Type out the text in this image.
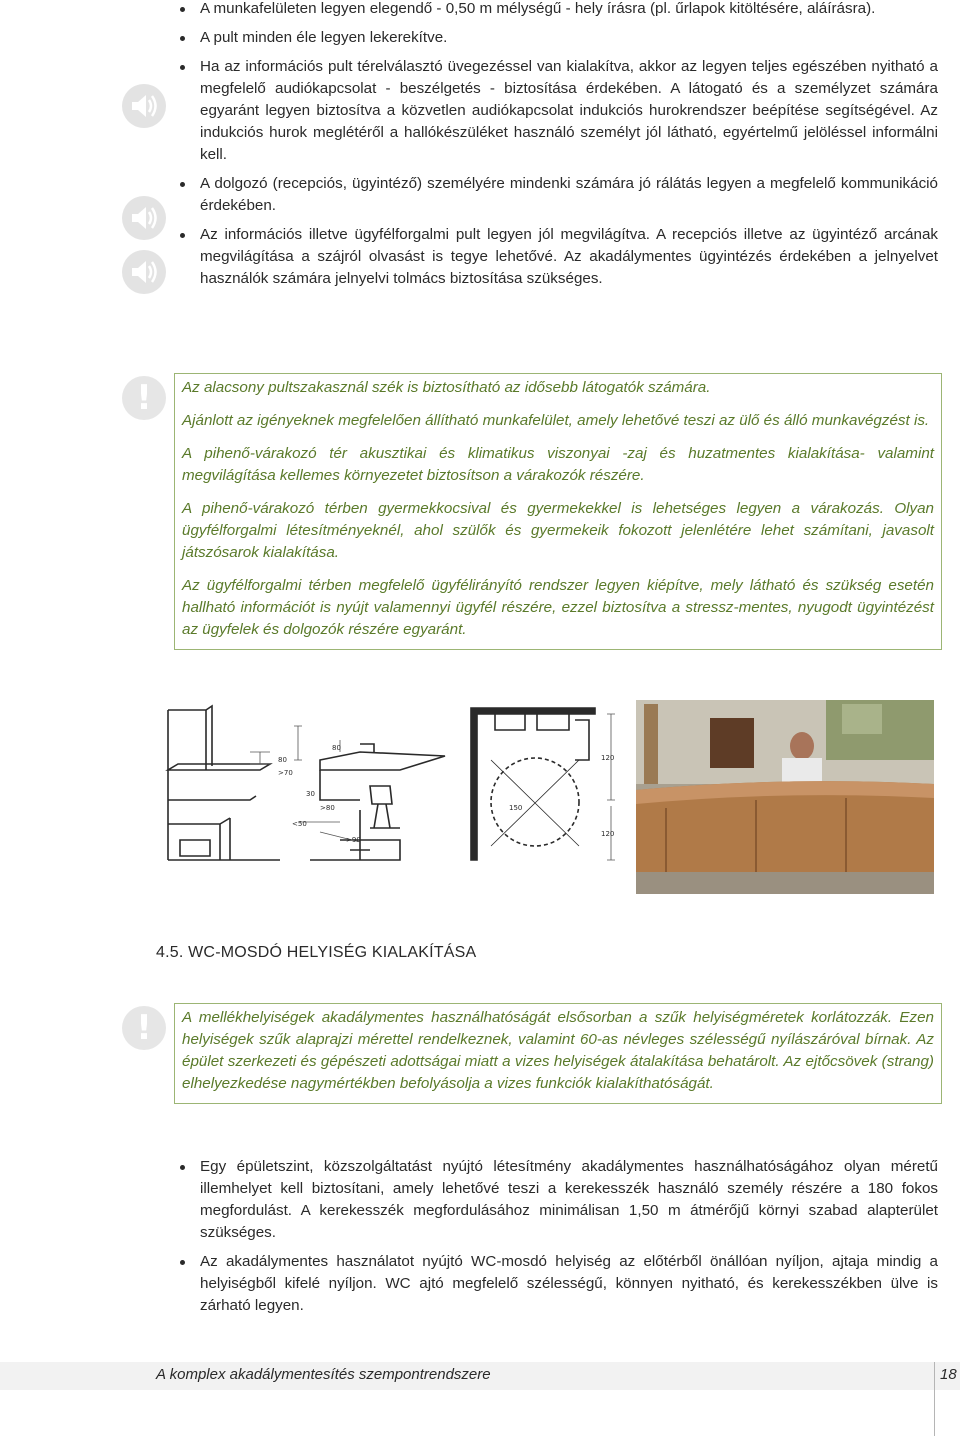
A munkafelületen legyen elegendő - 0,50 m mélységű - hely írásra (pl. űrlapok kitöltésére, aláírásra).
A pult minden éle legyen lekerekítve.
Ha az információs pult térelválasztó üvegezéssel van kialakítva, akkor az legyen teljes egészében nyitható a megfelelő audiókapcsolat - beszélgetés - biztosítása érdekében. A látogató és a személyzet számára egyaránt legyen biztosítva a közvetlen audiókapcsolat indukciós hurokrendszer beépítése segítségével. Az indukciós hurok meglétéről a hallókészüléket használó személyt jól látható, egyértelmű jelöléssel informálni kell.
A dolgozó (recepciós, ügyintéző) személyére mindenki számára jó rálátás legyen a megfelelő kommunikáció érdekében.
Az információs illetve ügyfélforgalmi pult legyen jól megvilágítva. A recepciós illetve az ügyintéző arcának megvilágítása a szájról olvasást is tegye lehetővé. Az akadálymentes ügyintézés érdekében a jelnyelvet használók számára jelnyelvi tolmács biztosítása szükséges.
!	Az alacsony pultszakasznál szék is biztosítható az idősebb látogatók számára.

Ajánlott az igényeknek megfelelően állítható munkafelület, amely lehetővé teszi az ülő és álló munkavégzést is.

A pihenő-várakozó tér akusztikai és klimatikus viszonyai -zaj és huzatmentes kialakítása- valamint megvilágítása kellemes környezetet biztosítson a várakozók részére.

A pihenő-várakozó térben gyermekkocsival és gyermekekkel is lehetséges legyen a várakozás. Olyan ügyfélforgalmi létesítményeknél, ahol szülők és gyermekeik fokozott jelenlétére lehet számítani, javasolt játszósarok kialakítása.

Az ügyfélforgalmi térben megfelelő ügyfélirányító rendszer legyen kiépítve, mely látható és szükség esetén hallható információt is nyújt valamennyi ügyfél részére, ezzel biztosítva a stressz-mentes, nyugodt ügyintézést az ügyfelek és dolgozók részére egyaránt.

80
>70
80
30
>80
<50
>90
120
150
120
4.5. WC-MOSDÓ HELYISÉG KIALAKÍTÁSA
!	A mellékhelyiségek akadálymentes használhatóságát elsősorban a szűk helyiségméretek korlátozzák. Ezen helyiségek szűk alaprajzi mérettel rendelkeznek, valamint 60-as névleges szélességű nyílászáróval bírnak. Az épület szerkezeti és gépészeti adottságai miatt a vizes helyiségek átalakítása behatárolt. Az ejtőcsövek (strang) elhelyezkedése nagymértékben befolyásolja a vizes funkciók kialakíthatóságát.

Egy épületszint, közszolgáltatást nyújtó létesítmény akadálymentes használhatóságához olyan méretű illemhelyet kell biztosítani, amely lehetővé teszi a kerekesszék használó személy részére a 180 fokos megfordulást. A kerekesszék megfordulásához minimálisan 1,50 m átmérőjű környi szabad alapterület szükséges.
Az akadálymentes használatot nyújtó WC-mosdó helyiség az előtérből önállóan nyíljon, ajtaja mindig a helyiségből kifelé nyíljon. WC ajtó megfelelő szélességű, könnyen nyitható, és kerekesszékben ülve is zárható legyen.
A komplex akadálymentesítés szempontrendszere	18
